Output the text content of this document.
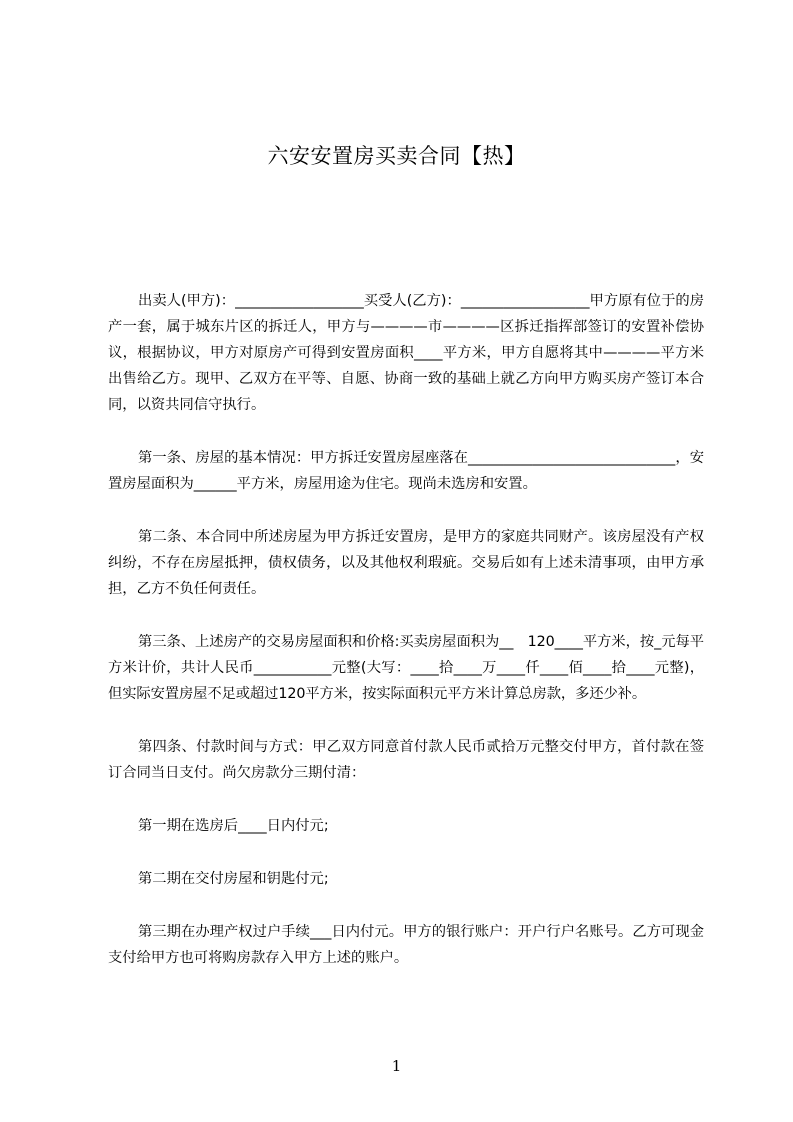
六安安置房买卖合同【热】

出卖人(甲方)：__________________买受人(乙方)：__________________甲方原有位于的房产一套，属于城东片区的拆迁人，甲方与————市————区拆迁指挥部签订的安置补偿协议，根据协议，甲方对原房产可得到安置房面积____平方米，甲方自愿将其中————平方米出售给乙方。现甲、乙双方在平等、自愿、协商一致的基础上就乙方向甲方购买房产签订本合同，以资共同信守执行。

第一条、房屋的基本情况：甲方拆迁安置房屋座落在_____________________________，安置房屋面积为______平方米，房屋用途为住宅。现尚未选房和安置。

第二条、本合同中所述房屋为甲方拆迁安置房，是甲方的家庭共同财产。该房屋没有产权纠纷，不存在房屋抵押，债权债务，以及其他权利瑕疵。交易后如有上述未清事项，由甲方承担，乙方不负任何责任。

第三条、上述房产的交易房屋面积和价格:买卖房屋面积为__　120____平方米，按_元每平方米计价，共计人民币___________元整(大写：____拾____万____仟____佰____拾____元整)，但实际安置房屋不足或超过120平方米，按实际面积元平方米计算总房款，多还少补。

第四条、付款时间与方式：甲乙双方同意首付款人民币贰拾万元整交付甲方，首付款在签订合同当日支付。尚欠房款分三期付清：

第一期在选房后____日内付元;

第二期在交付房屋和钥匙付元;

第三期在办理产权过户手续___日内付元。甲方的银行账户：开户行户名账号。乙方可现金支付给甲方也可将购房款存入甲方上述的账户。

1
